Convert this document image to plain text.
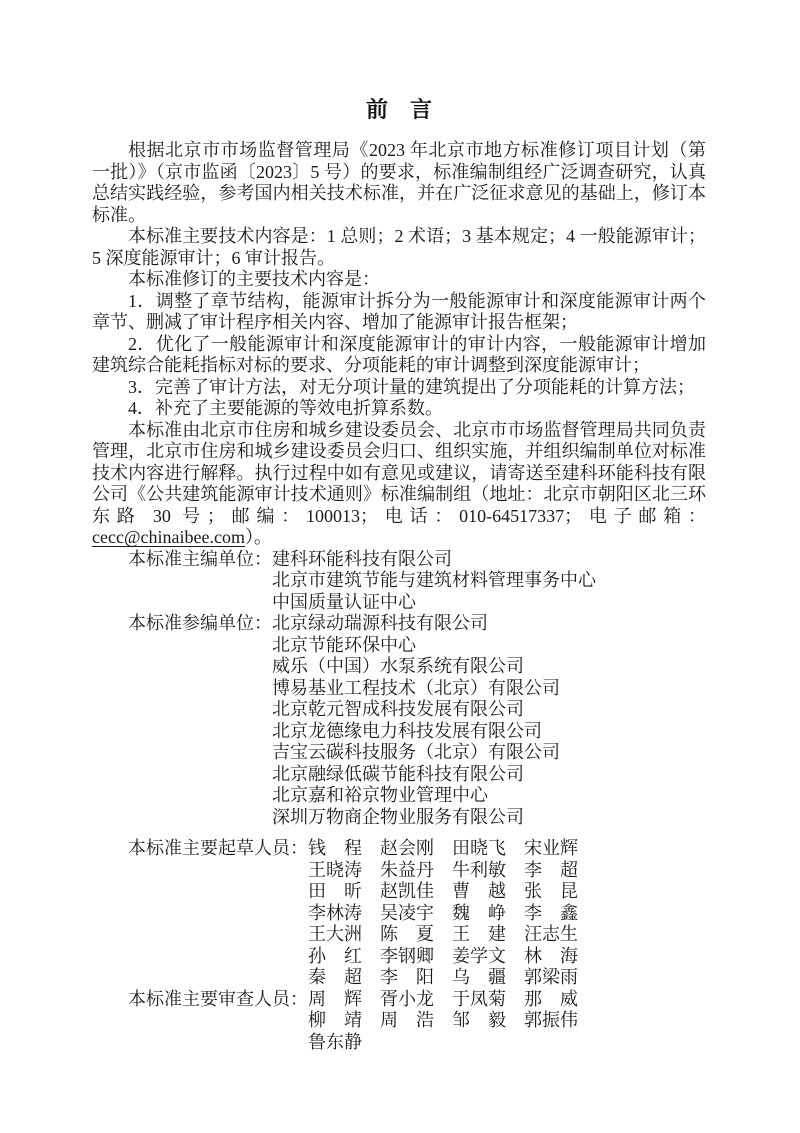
前　言

根据北京市市场监督管理局《2023 年北京市地方标准修订项目计划（第一批）》（京市监函〔2023〕5 号）的要求，标准编制组经广泛调查研究，认真总结实践经验，参考国内相关技术标准，并在广泛征求意见的基础上，修订本标准。

本标准主要技术内容是：1 总则；2 术语；3 基本规定；4 一般能源审计；5 深度能源审计；6 审计报告。

本标准修订的主要技术内容是：

1．调整了章节结构，能源审计拆分为一般能源审计和深度能源审计两个章节、删减了审计程序相关内容、增加了能源审计报告框架；

2．优化了一般能源审计和深度能源审计的审计内容，一般能源审计增加建筑综合能耗指标对标的要求、分项能耗的审计调整到深度能源审计；

3．完善了审计方法，对无分项计量的建筑提出了分项能耗的计算方法；

4．补充了主要能源的等效电折算系数。

本标准由北京市住房和城乡建设委员会、北京市市场监督管理局共同负责管理，北京市住房和城乡建设委员会归口、组织实施，并组织编制单位对标准技术内容进行解释。执行过程中如有意见或建议，请寄送至建科环能科技有限公司《公共建筑能源审计技术通则》标准编制组（地址：北京市朝阳区北三环东路 30 号；邮编：100013；电话：010-64517337；电子邮箱：cecc@chinaibee.com）。

本标准主编单位： 建科环能科技有限公司
北京市建筑节能与建筑材料管理事务中心
中国质量认证中心
本标准参编单位： 北京绿动瑞源科技有限公司
北京节能环保中心
威乐（中国）水泵系统有限公司
博易基业工程技术（北京）有限公司
北京乾元智成科技发展有限公司
北京龙德缘电力科技发展有限公司
吉宝云碳科技服务（北京）有限公司
北京融绿低碳节能科技有限公司
北京嘉和裕京物业管理中心
深圳万物商企物业服务有限公司
本标准主要起草人员： 钱　程　赵会刚　田晓飞　宋业辉
王晓涛　朱益丹　牛利敏　李　超
田　昕　赵凯佳　曹　越　张　昆
李林涛　吴凌宇　魏　峥　李　鑫
王大洲　陈　夏　王　建　汪志生
孙　红　李钢卿　姜学文　林　海
秦　超　李　阳　乌　疆　郭梁雨
本标准主要审查人员： 周　辉　胥小龙　于凤菊　那　威
柳　靖　周　浩　邹　毅　郭振伟
鲁东静
